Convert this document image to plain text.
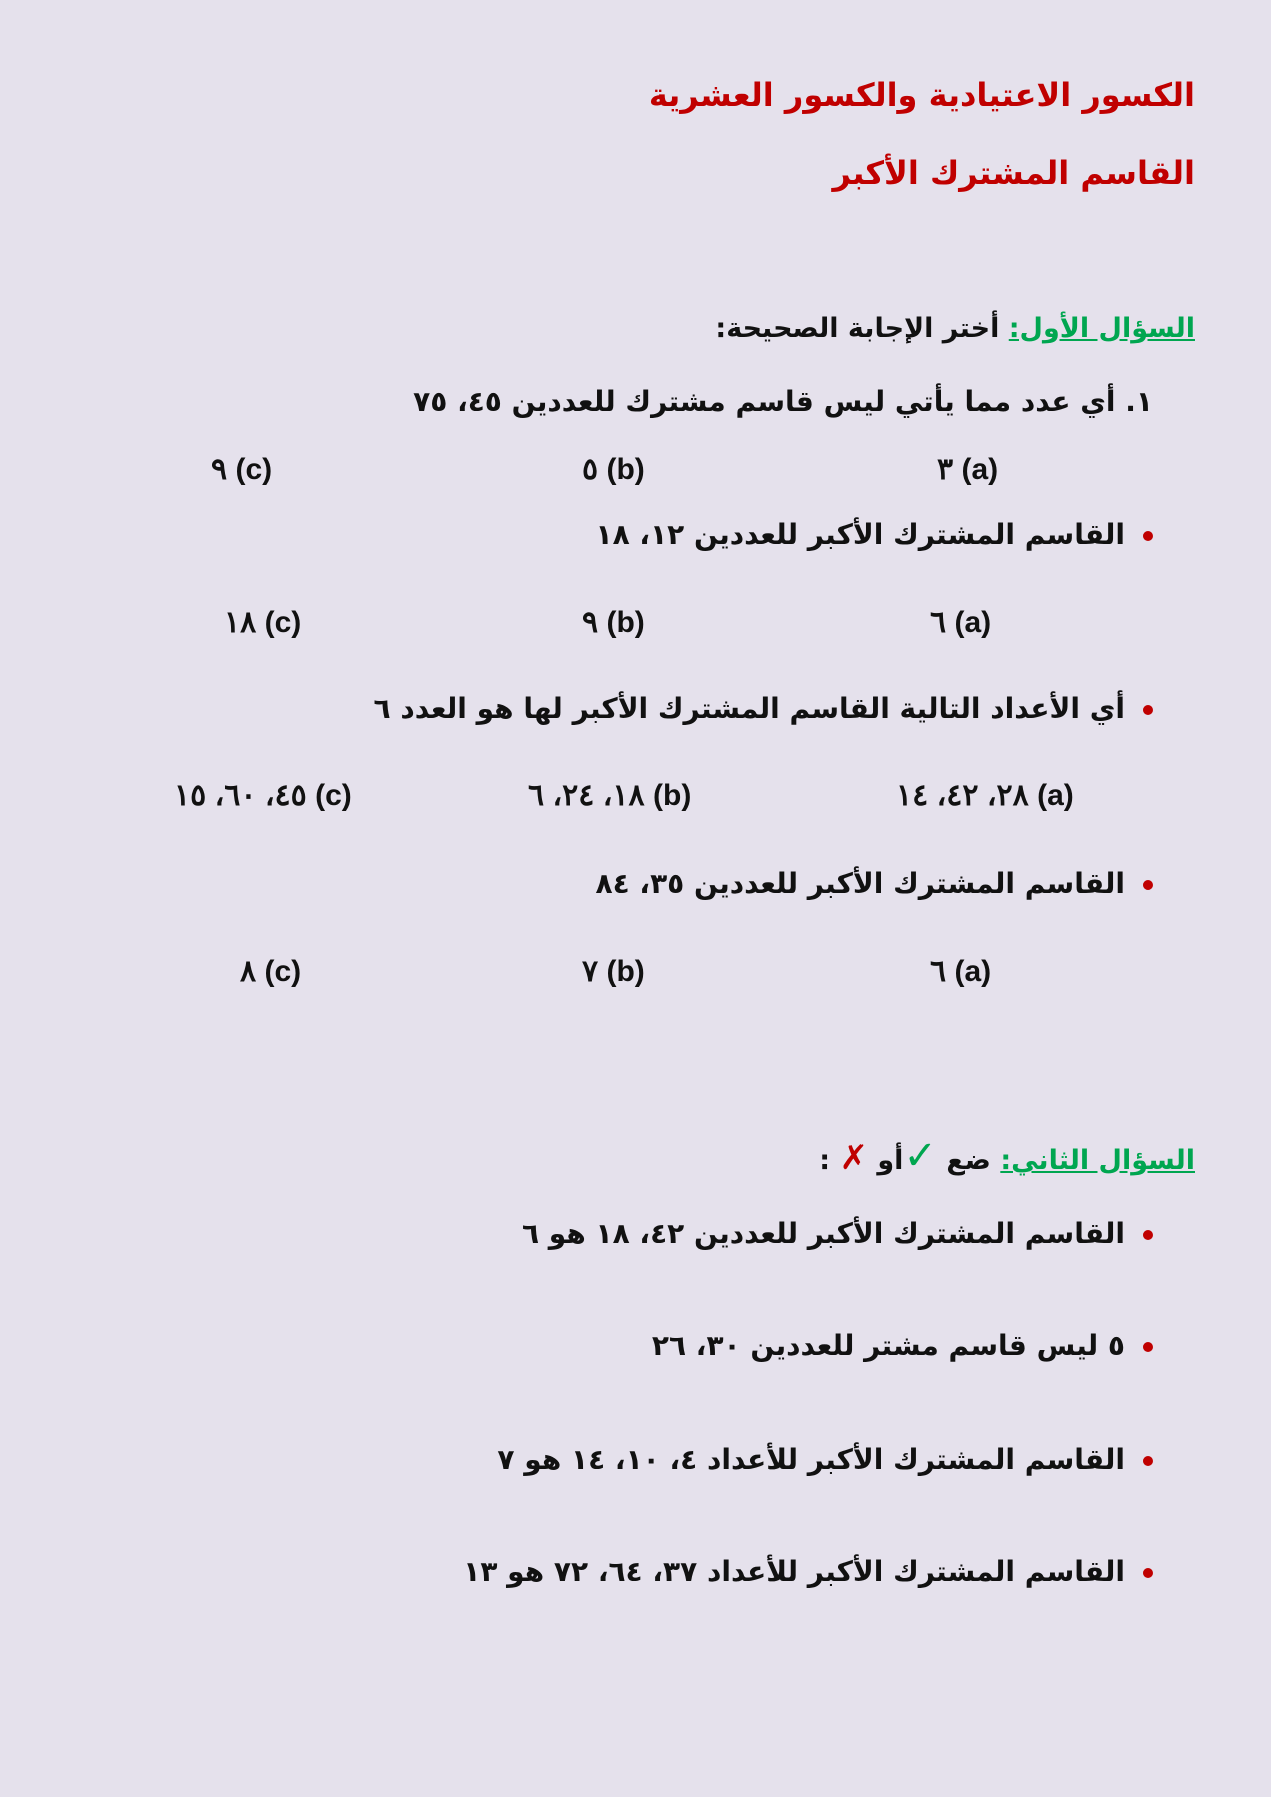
الكسور الاعتيادية والكسور العشرية
القاسم المشترك الأكبر
السؤال الأول: أختر الإجابة الصحيحة:
١. أي عدد مما يأتي ليس قاسم مشترك للعددين ٤٥، ٧٥
٣ (a)
٥ (b)
٩ (c)
القاسم المشترك الأكبر للعددين ١٢، ١٨
٦ (a)
٩ (b)
١٨ (c)
أي الأعداد التالية القاسم المشترك الأكبر لها هو العدد ٦
٢٨، ٤٢، ١٤ (a)
١٨، ٢٤، ٦ (b)
٤٥، ٦٠، ١٥ (c)
القاسم المشترك الأكبر للعددين ٣٥، ٨٤
٦ (a)
٧ (b)
٨ (c)
السؤال الثاني: ضع ✓أو ✗ :
القاسم المشترك الأكبر للعددين ٤٢، ١٨ هو ٦
٥ ليس قاسم مشتر للعددين ٣٠، ٢٦
القاسم المشترك الأكبر للأعداد ٤، ١٠، ١٤ هو ٧
القاسم المشترك الأكبر للأعداد ٣٧، ٦٤، ٧٢ هو ١٣
